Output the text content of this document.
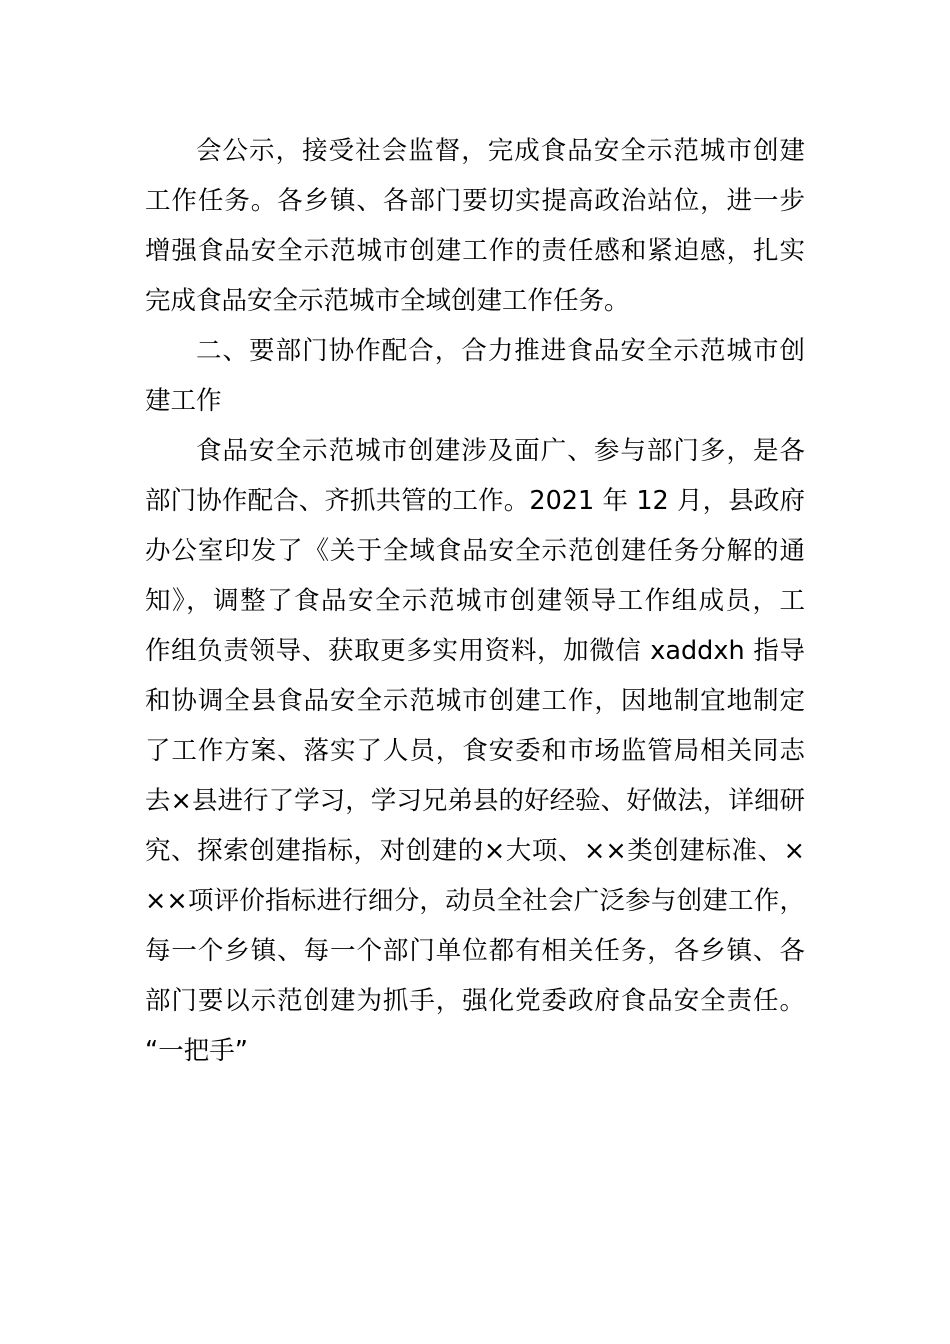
会公示，接受社会监督，完成食品安全示范城市创建
工作任务。各乡镇、各部门要切实提高政治站位，进一步
增强食品安全示范城市创建工作的责任感和紧迫感，扎实
完成食品安全示范城市全域创建工作任务。
二、要部门协作配合，合力推进食品安全示范城市创
建工作
食品安全示范城市创建涉及面广、参与部门多，是各
部门协作配合、齐抓共管的工作。2021 年 12 月，县政府
办公室印发了《关于全域食品安全示范创建任务分解的通
知》，调整了食品安全示范城市创建领导工作组成员，工
作组负责领导、获取更多实用资料，加微信 xaddxh 指导
和协调全县食品安全示范城市创建工作，因地制宜地制定
了工作方案、落实了人员，食安委和市场监管局相关同志
去×县进行了学习，学习兄弟县的好经验、好做法，详细研
究、探索创建指标，对创建的×大项、××类创建标准、×
××项评价指标进行细分，动员全社会广泛参与创建工作，
每一个乡镇、每一个部门单位都有相关任务，各乡镇、各
部门要以示范创建为抓手，强化党委政府食品安全责任。
“一把手”
